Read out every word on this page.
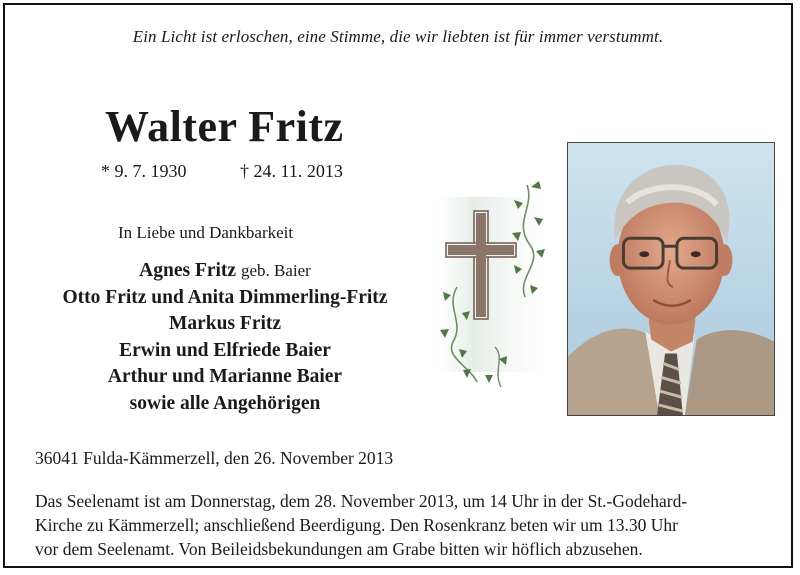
Ein Licht ist erloschen, eine Stimme, die wir liebten ist für immer verstummt.
Walter Fritz
* 9. 7. 1930	† 24. 11. 2013
In Liebe und Dankbarkeit
Agnes Fritz geb. Baier
Otto Fritz und Anita Dimmerling-Fritz
Markus Fritz
Erwin und Elfriede Baier
Arthur und Marianne Baier
sowie alle Angehörigen
36041 Fulda-Kämmerzell, den 26. November 2013
Das Seelenamt ist am Donnerstag, dem 28. November 2013, um 14 Uhr in der St.-Godehard-
Kirche zu Kämmerzell; anschließend Beerdigung. Den Rosenkranz beten wir um 13.30 Uhr
vor dem Seelenamt. Von Beileidsbekundungen am Grabe bitten wir höflich abzusehen.
